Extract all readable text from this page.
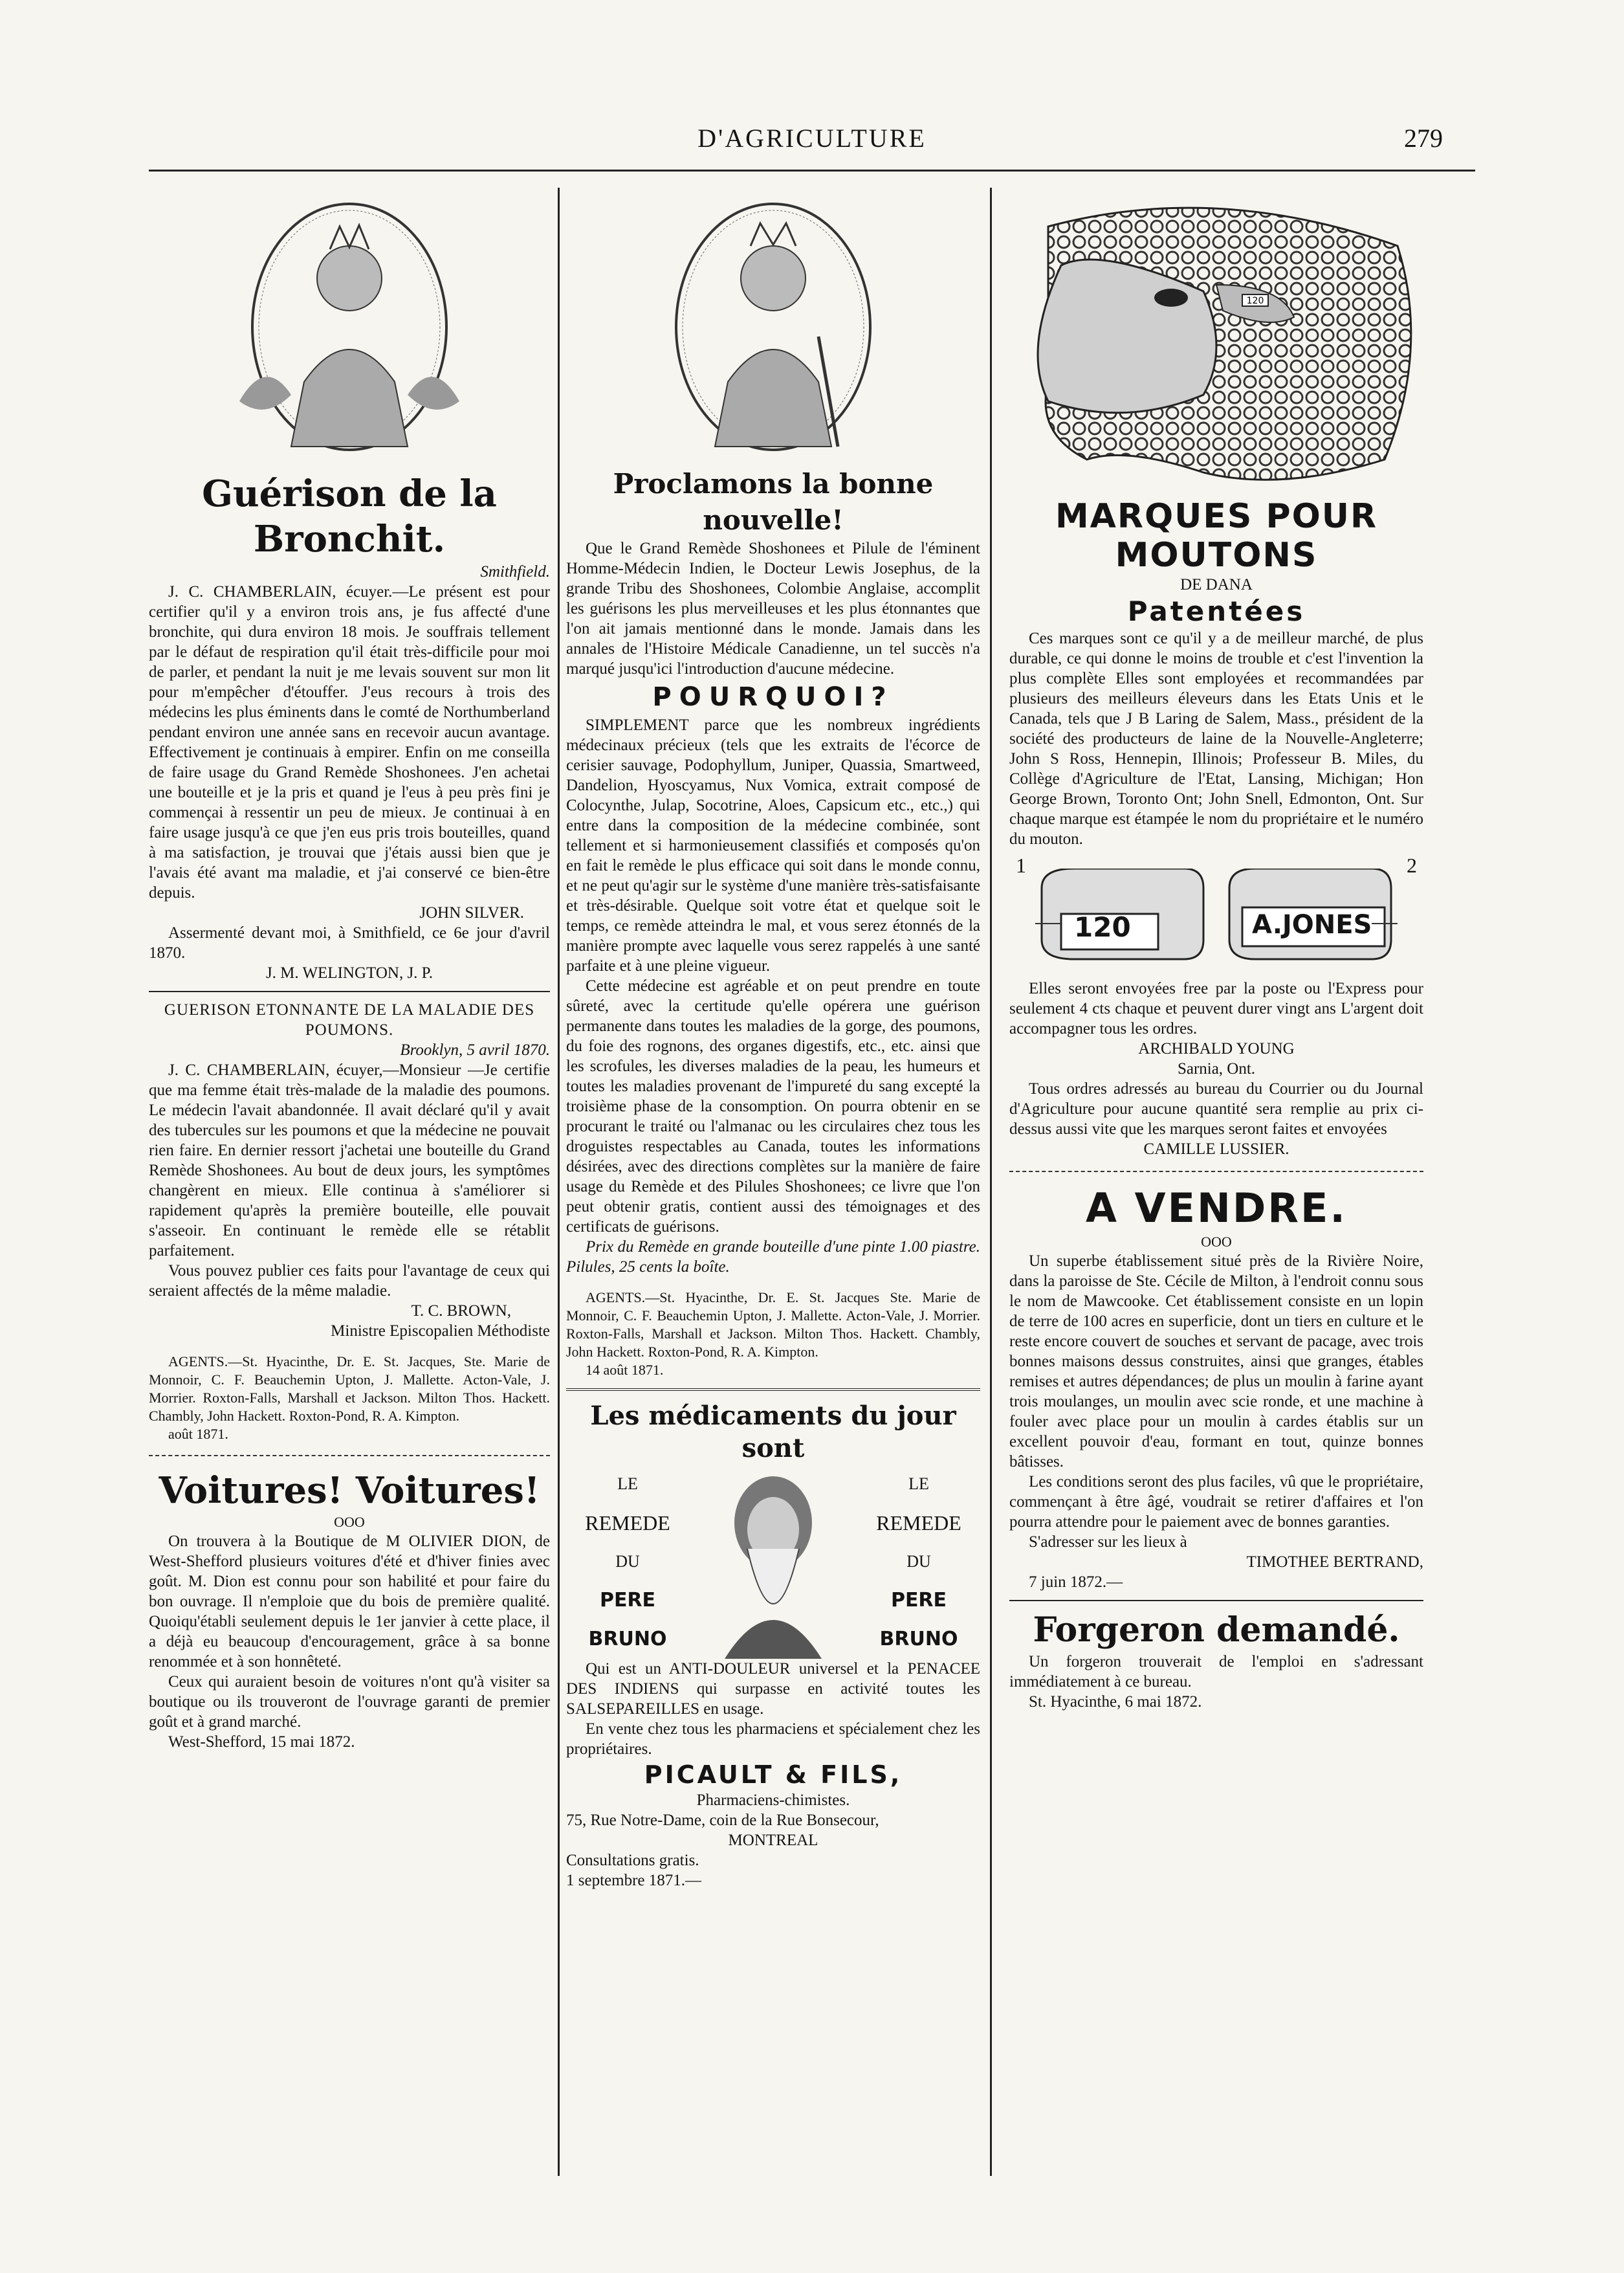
D'AGRICULTURE	279
Guérison de la Bronchit.

Smithfield.

J. C. CHAMBERLAIN, écuyer.—Le présent est pour certifier qu'il y a environ trois ans, je fus affecté d'une bronchite, qui dura environ 18 mois. Je souffrais tellement par le défaut de respiration qu'il était très-difficile pour moi de parler, et pendant la nuit je me levais souvent sur mon lit pour m'empêcher d'étouffer. J'eus recours à trois des médecins les plus éminents dans le comté de Northumberland pendant environ une année sans en recevoir aucun avantage. Effectivement je continuais à empirer. Enfin on me conseilla de faire usage du Grand Remède Shoshonees. J'en achetai une bouteille et je la pris et quand je l'eus à peu près fini je commençai à ressentir un peu de mieux. Je continuai à en faire usage jusqu'à ce que j'en eus pris trois bouteilles, quand à ma satisfaction, je trouvai que j'étais aussi bien que je l'avais été avant ma maladie, et j'ai conservé ce bien-être depuis.

JOHN SILVER.

Assermenté devant moi, à Smithfield, ce 6e jour d'avril 1870.

J. M. WELINGTON, J. P.

GUERISON ETONNANTE DE LA MALADIE DES POUMONS.

Brooklyn, 5 avril 1870.

J. C. CHAMBERLAIN, écuyer,—Monsieur —Je certifie que ma femme était très-malade de la maladie des poumons. Le médecin l'avait abandonnée. Il avait déclaré qu'il y avait des tubercules sur les poumons et que la médecine ne pouvait rien faire. En dernier ressort j'achetai une bouteille du Grand Remède Shoshonees. Au bout de deux jours, les symptômes changèrent en mieux. Elle continua à s'améliorer si rapidement qu'après la première bouteille, elle pouvait s'asseoir. En continuant le remède elle se rétablit parfaitement.

Vous pouvez publier ces faits pour l'avantage de ceux qui seraient affectés de la même maladie.

T. C. BROWN,

Ministre Episcopalien Méthodiste

AGENTS.—St. Hyacinthe, Dr. E. St. Jacques, Ste. Marie de Monnoir, C. F. Beauchemin Upton, J. Mallette. Acton-Vale, J. Morrier. Roxton-Falls, Marshall et Jackson. Milton Thos. Hackett. Chambly, John Hackett. Roxton-Pond, R. A. Kimpton.

août 1871.

Voitures! Voitures!

OOO

On trouvera à la Boutique de M OLIVIER DION, de West-Shefford plusieurs voitures d'été et d'hiver finies avec goût. M. Dion est connu pour son habilité et pour faire du bon ouvrage. Il n'emploie que du bois de première qualité. Quoiqu'établi seulement depuis le 1er janvier à cette place, il a déjà eu beaucoup d'encouragement, grâce à sa bonne renommée et à son honnêteté.

Ceux qui auraient besoin de voitures n'ont qu'à visiter sa boutique ou ils trouveront de l'ouvrage garanti de premier goût et à grand marché.

West-Shefford, 15 mai 1872.

Proclamons la bonne nouvelle!

Que le Grand Remède Shoshonees et Pilule de l'éminent Homme-Médecin Indien, le Docteur Lewis Josephus, de la grande Tribu des Shoshonees, Colombie Anglaise, accomplit les guérisons les plus merveilleuses et les plus étonnantes que l'on ait jamais mentionné dans le monde. Jamais dans les annales de l'Histoire Médicale Canadienne, un tel succès n'a marqué jusqu'ici l'introduction d'aucune médecine.

POURQUOI?

SIMPLEMENT parce que les nombreux ingrédients médecinaux précieux (tels que les extraits de l'écorce de cerisier sauvage, Podophyllum, Juniper, Quassia, Smartweed, Dandelion, Hyoscyamus, Nux Vomica, extrait composé de Colocynthe, Julap, Socotrine, Aloes, Capsicum etc., etc.,) qui entre dans la composition de la médecine combinée, sont tellement et si harmonieusement classifiés et composés qu'on en fait le remède le plus efficace qui soit dans le monde connu, et ne peut qu'agir sur le système d'une manière très-satisfaisante et très-désirable. Quelque soit votre état et quelque soit le temps, ce remède atteindra le mal, et vous serez étonnés de la manière prompte avec laquelle vous serez rappelés à une santé parfaite et à une pleine vigueur.

Cette médecine est agréable et on peut prendre en toute sûreté, avec la certitude qu'elle opérera une guérison permanente dans toutes les maladies de la gorge, des poumons, du foie des rognons, des organes digestifs, etc., etc. ainsi que les scrofules, les diverses maladies de la peau, les humeurs et toutes les maladies provenant de l'impureté du sang excepté la troisième phase de la consomption. On pourra obtenir en se procurant le traité ou l'almanac ou les circulaires chez tous les droguistes respectables au Canada, toutes les informations désirées, avec des directions complètes sur la manière de faire usage du Remède et des Pilules Shoshonees; ce livre que l'on peut obtenir gratis, contient aussi des témoignages et des certificats de guérisons.

Prix du Remède en grande bouteille d'une pinte 1.00 piastre. Pilules, 25 cents la boîte.

AGENTS.—St. Hyacinthe, Dr. E. St. Jacques Ste. Marie de Monnoir, C. F. Beauchemin Upton, J. Mallette. Acton-Vale, J. Morrier. Roxton-Falls, Marshall et Jackson. Milton Thos. Hackett. Chambly, John Hackett. Roxton-Pond, R. A. Kimpton.

14 août 1871.

Les médicaments du jour sont
LE
REMEDE
DU
PERE BRUNO
LE
REMEDE
DU
PERE BRUNO

Qui est un ANTI-DOULEUR universel et la PENACEE DES INDIENS qui surpasse en activité toutes les SALSEPAREILLES en usage.

En vente chez tous les pharmaciens et spécialement chez les propriétaires.

PICAULT & FILS,

Pharmaciens-chimistes.

75, Rue Notre-Dame, coin de la Rue Bonsecour,

MONTREAL

Consultations gratis.

1 septembre 1871.—

120
MARQUES POUR MOUTONS

DE DANA

Patentées

Ces marques sont ce qu'il y a de meilleur marché, de plus durable, ce qui donne le moins de trouble et c'est l'invention la plus complète Elles sont employées et recommandées par plusieurs des meilleurs éleveurs dans les Etats Unis et le Canada, tels que J B Laring de Salem, Mass., président de la société des producteurs de laine de la Nouvelle-Angleterre; John S Ross, Hennepin, Illinois; Professeur B. Miles, du Collège d'Agriculture de l'Etat, Lansing, Michigan; Hon George Brown, Toronto Ont; John Snell, Edmonton, Ont. Sur chaque marque est étampée le nom du propriétaire et le numéro du mouton.

1	2
120	A.JONES

Elles seront envoyées free par la poste ou l'Express pour seulement 4 cts chaque et peuvent durer vingt ans L'argent doit accompagner tous les ordres.

ARCHIBALD YOUNG

Sarnia, Ont.

Tous ordres adressés au bureau du Courrier ou du Journal d'Agriculture pour aucune quantité sera remplie au prix ci-dessus aussi vite que les marques seront faites et envoyées

CAMILLE LUSSIER.

A VENDRE.

OOO

Un superbe établissement situé près de la Rivière Noire, dans la paroisse de Ste. Cécile de Milton, à l'endroit connu sous le nom de Mawcooke. Cet établissement consiste en un lopin de terre de 100 acres en superficie, dont un tiers en culture et le reste encore couvert de souches et servant de pacage, avec trois bonnes maisons dessus construites, ainsi que granges, étables remises et autres dépendances; de plus un moulin à farine ayant trois moulanges, un moulin avec scie ronde, et une machine à fouler avec place pour un moulin à cardes établis sur un excellent pouvoir d'eau, formant en tout, quinze bonnes bâtisses.

Les conditions seront des plus faciles, vû que le propriétaire, commençant à être âgé, voudrait se retirer d'affaires et l'on pourra attendre pour le paiement avec de bonnes garanties.

S'adresser sur les lieux à

TIMOTHEE BERTRAND,

7 juin 1872.—

Forgeron demandé.

Un forgeron trouverait de l'emploi en s'adressant immédiatement à ce bureau.

St. Hyacinthe, 6 mai 1872.
